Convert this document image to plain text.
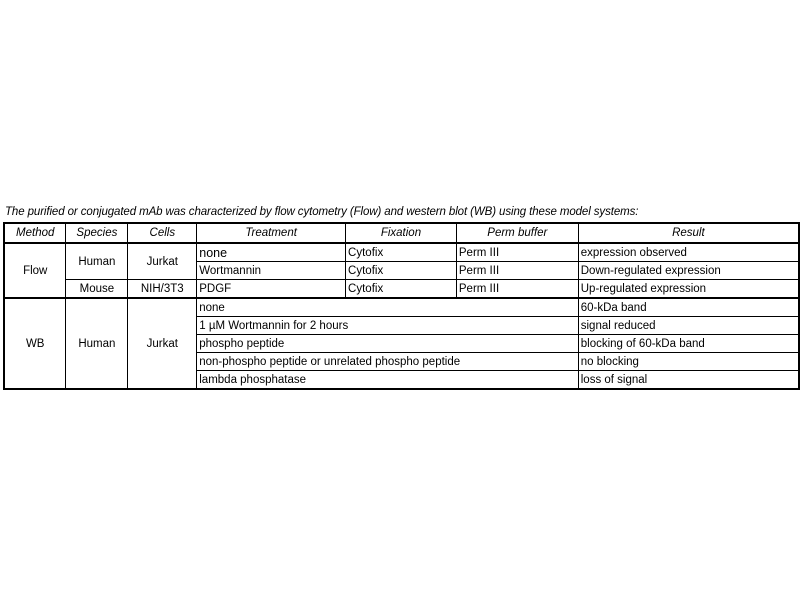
The purified or conjugated mAb was characterized by flow cytometry (Flow) and western blot (WB) using these model systems:
Method	Species	Cells	Treatment	Fixation	Perm buffer	Result
Flow	Human	Jurkat	none	Cytofix	Perm III	expression observed
			Wortmannin	Cytofix	Perm III	Down-regulated expression
	Mouse	NIH/3T3	PDGF	Cytofix	Perm III	Up-regulated expression
WB	Human	Jurkat	none			60-kDa band
			1 µM Wortmannin for 2 hours			signal reduced
			phospho peptide			blocking of 60-kDa band
			non-phospho peptide or unrelated phospho peptide			no blocking
			lambda phosphatase			loss of signal
